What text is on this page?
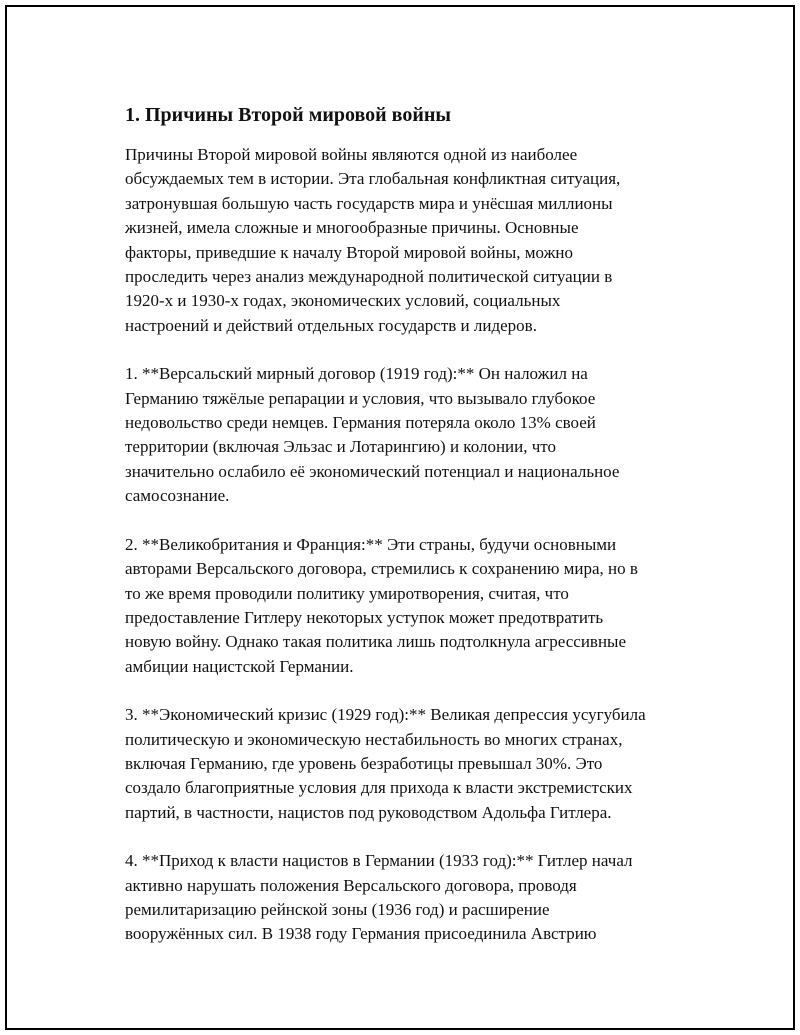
1. Причины Второй мировой войны
Причины Второй мировой войны являются одной из наиболее
обсуждаемых тем в истории. Эта глобальная конфликтная ситуация,
затронувшая большую часть государств мира и унёсшая миллионы
жизней, имела сложные и многообразные причины. Основные
факторы, приведшие к началу Второй мировой войны, можно
проследить через анализ международной политической ситуации в
1920-х и 1930-х годах, экономических условий, социальных
настроений и действий отдельных государств и лидеров.
1. **Версальский мирный договор (1919 год):** Он наложил на
Германию тяжёлые репарации и условия, что вызывало глубокое
недовольство среди немцев. Германия потеряла около 13% своей
территории (включая Эльзас и Лотарингию) и колонии, что
значительно ослабило её экономический потенциал и национальное
самосознание.
2. **Великобритания и Франция:** Эти страны, будучи основными
авторами Версальского договора, стремились к сохранению мира, но в
то же время проводили политику умиротворения, считая, что
предоставление Гитлеру некоторых уступок может предотвратить
новую войну. Однако такая политика лишь подтолкнула агрессивные
амбиции нацистской Германии.
3. **Экономический кризис (1929 год):** Великая депрессия усугубила
политическую и экономическую нестабильность во многих странах,
включая Германию, где уровень безработицы превышал 30%. Это
создало благоприятные условия для прихода к власти экстремистских
партий, в частности, нацистов под руководством Адольфа Гитлера.
4. **Приход к власти нацистов в Германии (1933 год):** Гитлер начал
активно нарушать положения Версальского договора, проводя
ремилитаризацию рейнской зоны (1936 год) и расширение
вооружённых сил. В 1938 году Германия присоединила Австрию
